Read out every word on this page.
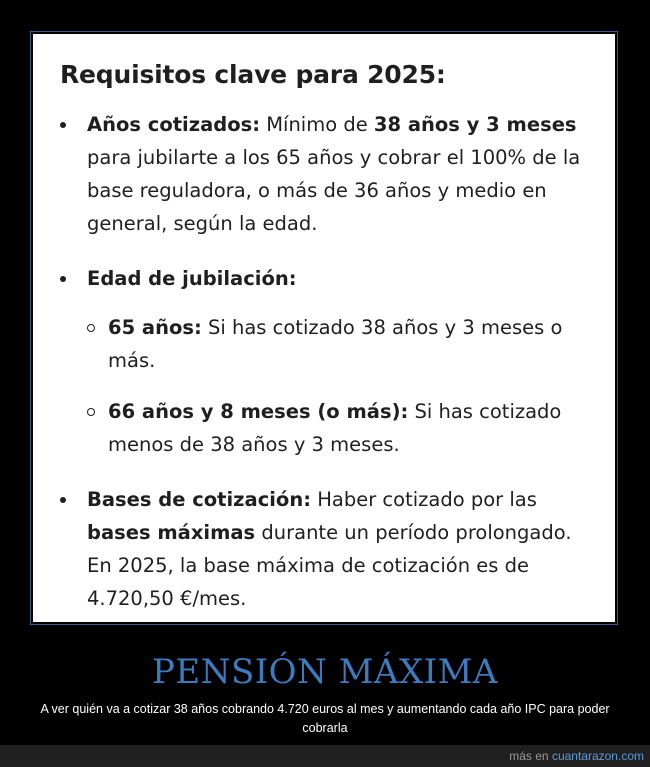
Requisitos clave para 2025:
Años cotizados: Mínimo de 38 años y 3 meses para jubilarte a los 65 años y cobrar el 100% de la base reguladora, o más de 36 años y medio en general, según la edad.
Edad de jubilación:
65 años: Si has cotizado 38 años y 3 meses o más.
66 años y 8 meses (o más): Si has cotizado menos de 38 años y 3 meses.
Bases de cotización: Haber cotizado por las bases máximas durante un período prolongado. En 2025, la base máxima de cotización es de 4.720,50 €/mes.
PENSIÓN MÁXIMA
A ver quién va a cotizar 38 años cobrando 4.720 euros al mes y aumentando cada año IPC para poder cobrarla
más en cuantarazon.com
